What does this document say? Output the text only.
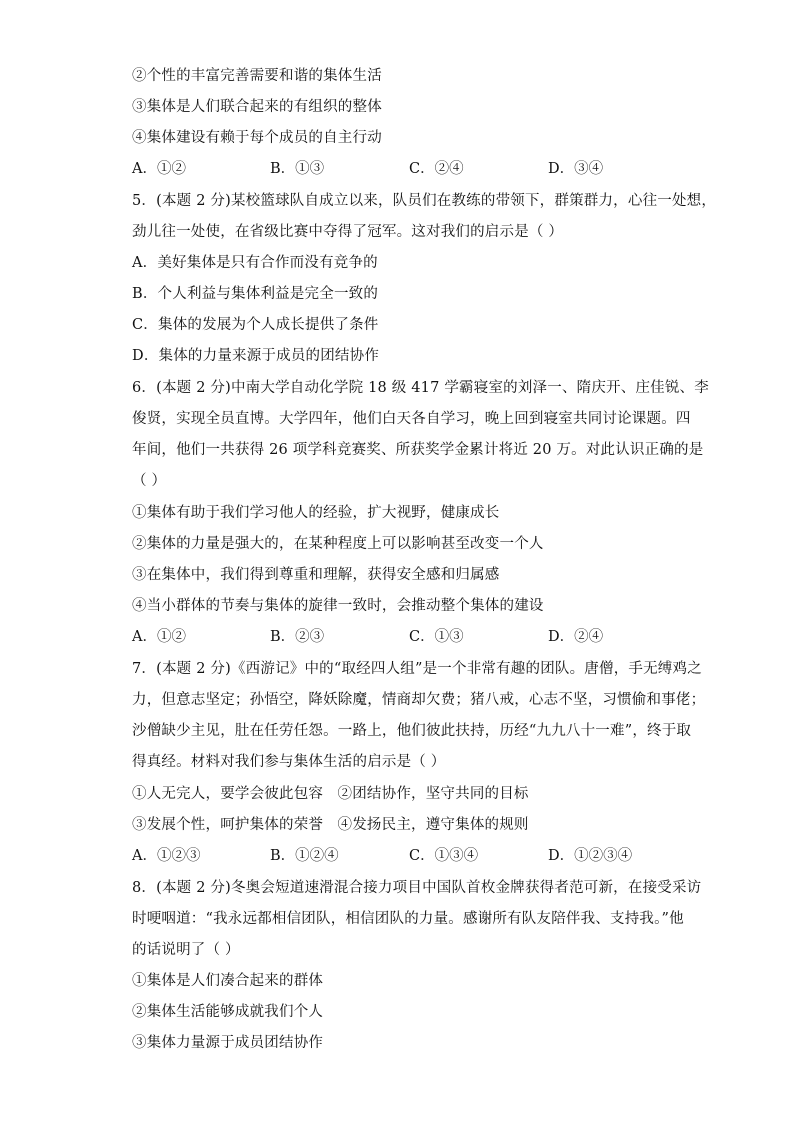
②个性的丰富完善需要和谐的集体生活
③集体是人们联合起来的有组织的整体
④集体建设有赖于每个成员的自主行动
A．①②	B．①③	C．②④	D．③④
5．(本题 2 分)某校篮球队自成立以来，队员们在教练的带领下，群策群力，心往一处想，
劲儿往一处使，在省级比赛中夺得了冠军。这对我们的启示是（ ）
A．美好集体是只有合作而没有竞争的
B．个人利益与集体利益是完全一致的
C．集体的发展为个人成长提供了条件
D．集体的力量来源于成员的团结协作
6．(本题 2 分)中南大学自动化学院 18 级 417 学霸寝室的刘泽一、隋庆开、庄佳锐、李
俊贤，实现全员直博。大学四年，他们白天各自学习，晚上回到寝室共同讨论课题。四
年间，他们一共获得 26 项学科竞赛奖、所获奖学金累计将近 20 万。对此认识正确的是
（ ）
①集体有助于我们学习他人的经验，扩大视野，健康成长
②集体的力量是强大的，在某种程度上可以影响甚至改变一个人
③在集体中，我们得到尊重和理解，获得安全感和归属感
④当小群体的节奏与集体的旋律一致时，会推动整个集体的建设
A．①②	B．②③	C．①③	D．②④
7．(本题 2 分)《西游记》中的“取经四人组”是一个非常有趣的团队。唐僧，手无缚鸡之
力，但意志坚定；孙悟空，降妖除魔，情商却欠费；猪八戒，心志不坚，习惯偷和事佬；
沙僧缺少主见，肚在任劳任怨。一路上，他们彼此扶持，历经“九九八十一难”，终于取
得真经。材料对我们参与集体生活的启示是（ ）
①人无完人，要学会彼此包容   ②团结协作，坚守共同的目标
③发展个性，呵护集体的荣誉   ④发扬民主，遵守集体的规则
A．①②③	B．①②④	C．①③④	D．①②③④
8．(本题 2 分)冬奥会短道速滑混合接力项目中国队首枚金牌获得者范可新，在接受采访
时哽咽道：“我永远都相信团队，相信团队的力量。感谢所有队友陪伴我、支持我。”他
的话说明了（ ）
①集体是人们凑合起来的群体
②集体生活能够成就我们个人
③集体力量源于成员团结协作
